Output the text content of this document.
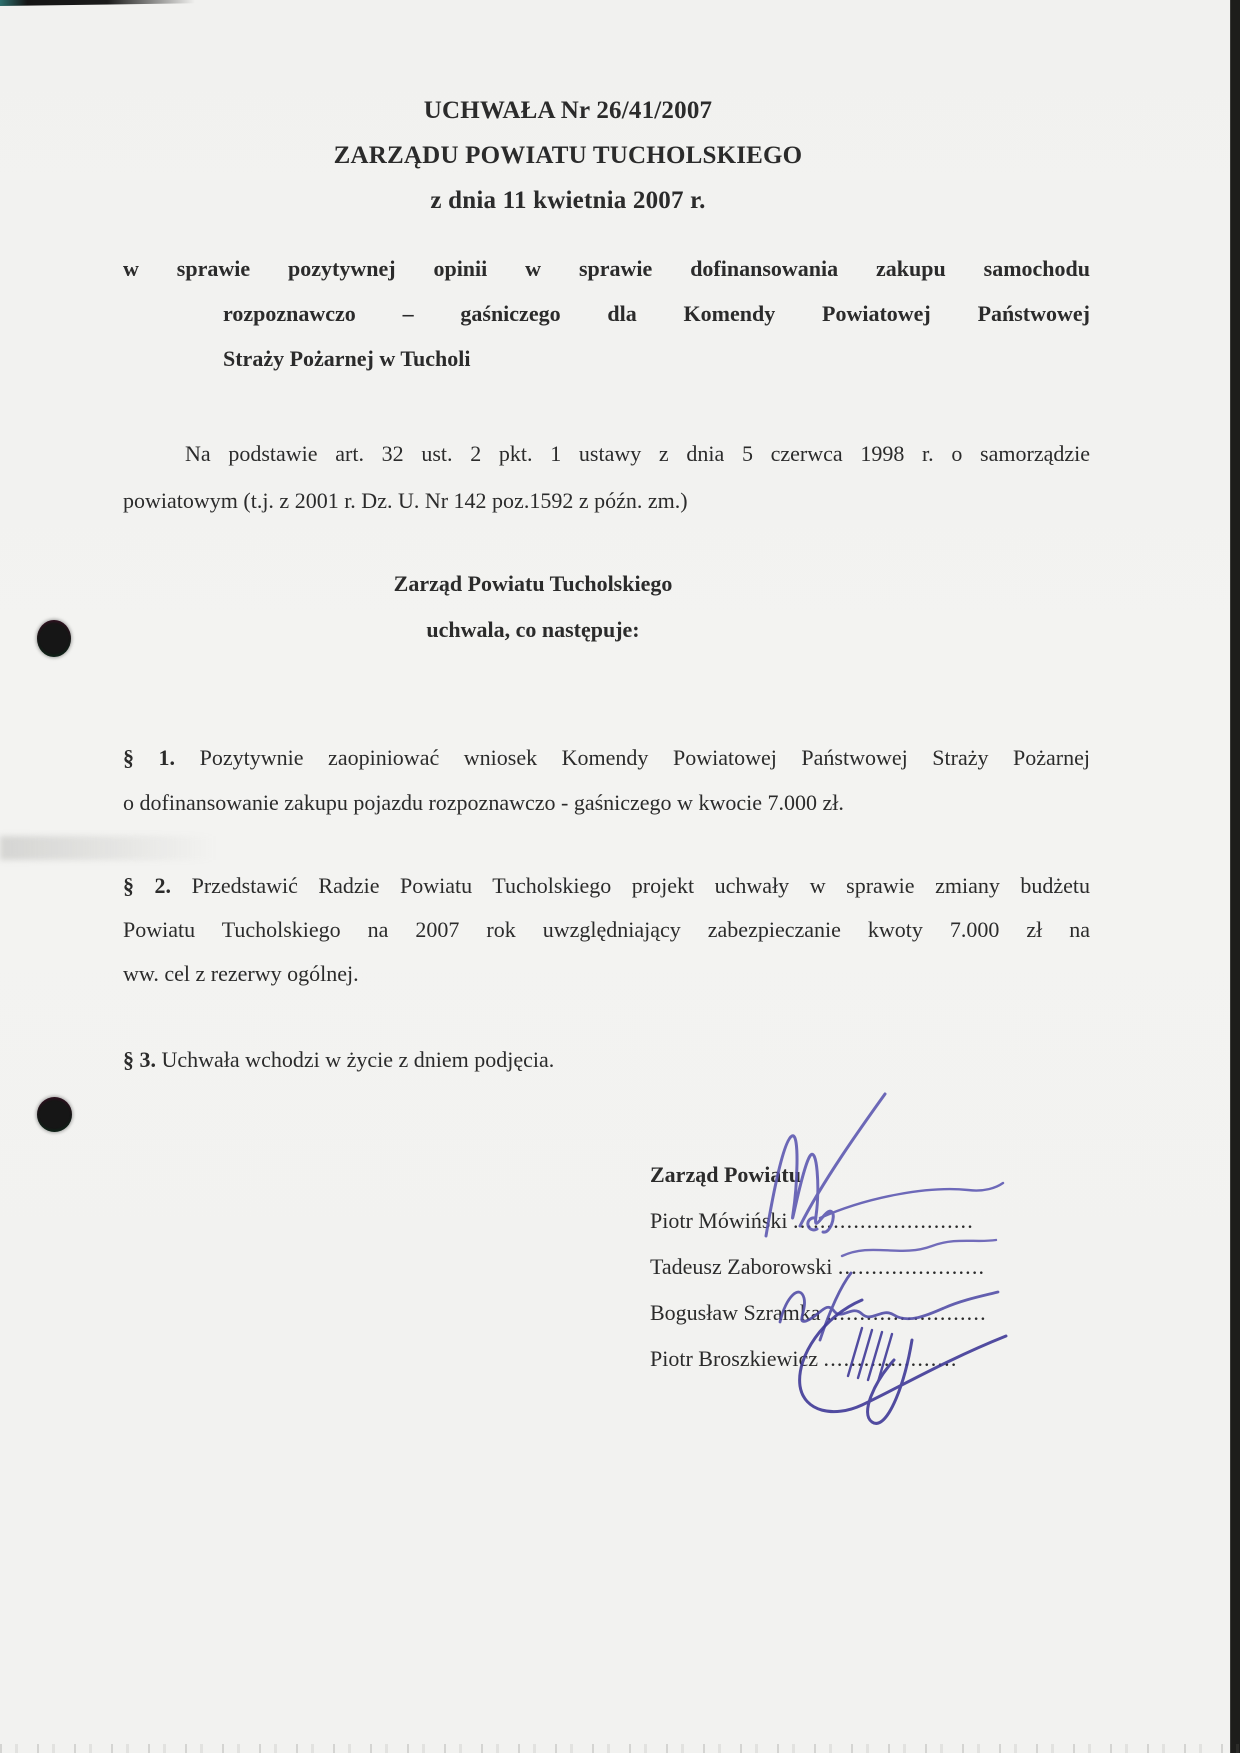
UCHWAŁA Nr 26/41/2007
ZARZĄDU POWIATU TUCHOLSKIEGO
z dnia 11 kwietnia 2007 r.
w sprawie pozytywnej opinii w sprawie dofinansowania zakupu samochodu
rozpoznawczo – gaśniczego dla Komendy Powiatowej Państwowej
Straży Pożarnej w Tucholi
Na podstawie art. 32 ust. 2 pkt. 1 ustawy z dnia 5 czerwca 1998 r. o samorządzie
powiatowym (t.j. z 2001 r. Dz. U. Nr 142 poz.1592 z późn. zm.)
Zarząd Powiatu Tucholskiego
uchwala, co następuje:
§ 1. Pozytywnie zaopiniować wniosek Komendy Powiatowej Państwowej Straży Pożarnej
o dofinansowanie zakupu pojazdu rozpoznawczo - gaśniczego w kwocie 7.000 zł.
§ 2. Przedstawić Radzie Powiatu Tucholskiego projekt uchwały w sprawie zmiany budżetu
Powiatu Tucholskiego na 2007 rok uwzględniający zabezpieczanie kwoty 7.000 zł na
ww. cel z rezerwy ogólnej.
§ 3. Uchwała wchodzi w życie z dniem podjęcia.
Zarząd Powiatu
Piotr Mówiński ...........................
Tadeusz Zaborowski ......................
Bogusław Szramka ........................
Piotr Broszkiewicz ....................
